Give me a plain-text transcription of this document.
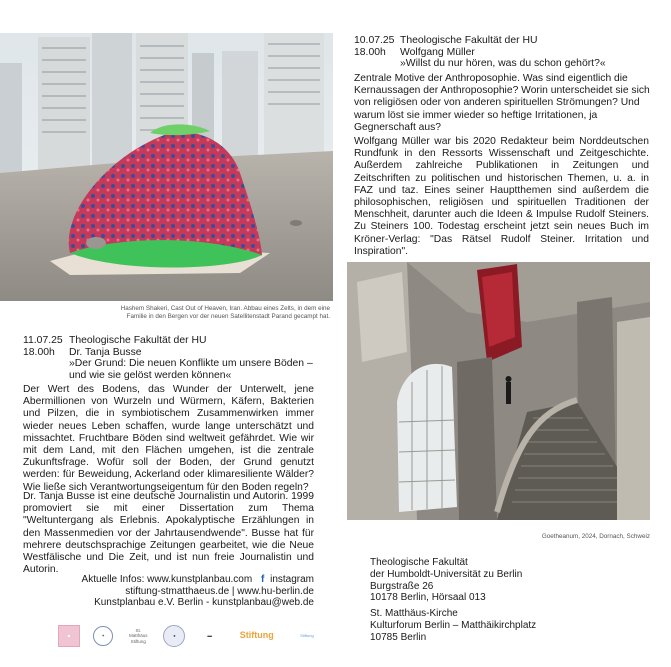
Hashem Shakeri, Cast Out of Heaven, Iran. Abbau eines Zelts, in dem eine
Familie in den Bergen vor der neuen Satellitenstadt Parand gecampt hat.
10.07.25 Theologische Fakultät der HU
18.00h	Wolfgang Müller
»Willst du nur hören, was du schon gehört?«
Zentrale Motive der Anthroposophie. Was sind eigentlich die Kernaussagen der Anthroposophie? Worin unterscheidet sie sich von religiösen oder von anderen spirituellen Strömungen? Und warum löst sie immer wieder so heftige Irritationen, ja Gegnerschaft aus?
Wolfgang Müller war bis 2020 Redakteur beim Norddeutschen Rundfunk in den Ressorts Wissenschaft und Zeitgeschichte. Außerdem zahlreiche Publikationen in Zeitungen und Zeitschriften zu politischen und historischen Themen, u. a. in FAZ und taz. Eines seiner Hauptthemen sind außerdem die philosophischen, religiösen und spirituellen Traditionen der Menschheit, darunter auch die Ideen & Impulse Rudolf Steiners. Zu Steiners 100. Todestag erscheint jetzt sein neues Buch im Kröner-Verlag: "Das Rätsel Rudolf Steiner. Irritation und Inspiration".
Goetheanum, 2024, Dornach, Schweiz
11.07.25 Theologische Fakultät der HU
18.00h	Dr. Tanja Busse
»Der Grund: Die neuen Konflikte um unsere Böden –
und wie sie gelöst werden können«
Der Wert des Bodens, das Wunder der Unterwelt, jene Abermillionen von Wurzeln und Würmern, Käfern, Bakterien und Pilzen, die in symbiotischem Zusammenwirken immer wieder neues Leben schaffen, wurde lange unterschätzt und missachtet. Fruchtbare Böden sind weltweit gefährdet. Wie wir mit dem Land, mit den Flächen umgehen, ist die zentrale Zukunftsfrage. Wofür soll der Boden, der Grund genutzt werden: für Beweidung, Ackerland oder klimaresiliente Wälder? Wie ließe sich Verantwortungseigentum für den Boden regeln?
Dr. Tanja Busse ist eine deutsche Journalistin und Autorin. 1999 promoviert sie mit einer Dissertation zum Thema "Weltuntergang als Erlebnis. Apokalyptische Erzählungen in den Massenmedien vor der Jahrtausendwende". Busse hat für mehrere deutschsprachige Zeitungen gearbeitet, wie die Neue Westfälische und Die Zeit, und ist nun freie Journalistin und Autorin.
Aktuelle Infos: www.kunstplanbau.com f instagram
stiftung-stmatthaeus.de | www.hu-berlin.de
Kunstplanbau e.V. Berlin - kunstplanbau@web.de
■	✦
St. Matthäus Stiftung
●	▬	Stiftung	Stiftung
Theologische Fakultät
der Humboldt-Universität zu Berlin
Burgstraße 26
10178 Berlin, Hörsaal 013
St. Matthäus-Kirche
Kulturforum Berlin – Matthäikirchplatz
10785 Berlin
